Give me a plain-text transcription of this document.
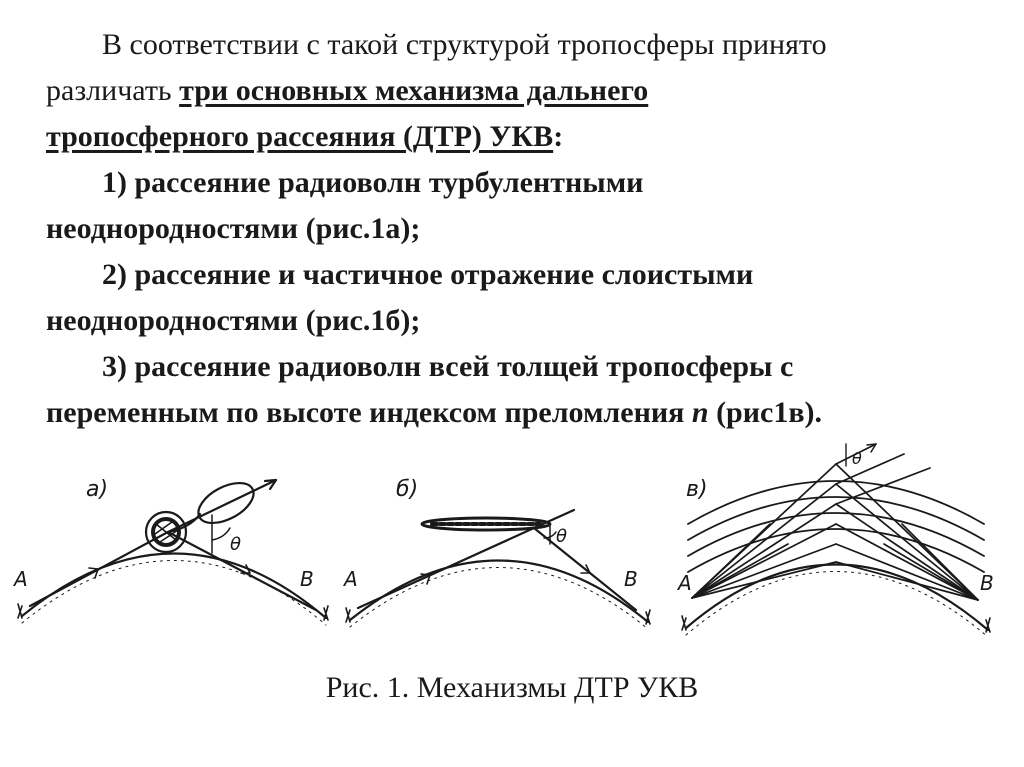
В соответствии с такой структурой тропосферы принято

различать три основных механизма дальнего

тропосферного рассеяния (ДТР) УКВ:

1) рассеяние радиоволн турбулентными

неоднородностями (рис.1а);

2) рассеяние и частичное отражение слоистыми

неоднородностями (рис.1б);

3) рассеяние радиоволн всей толщей тропосферы с

переменным по высоте индексом преломления n (рис1в).

а)
А	В
θ
б)
А	В
θ
в)
А	В
θ
Рис. 1. Механизмы ДТР УКВ
